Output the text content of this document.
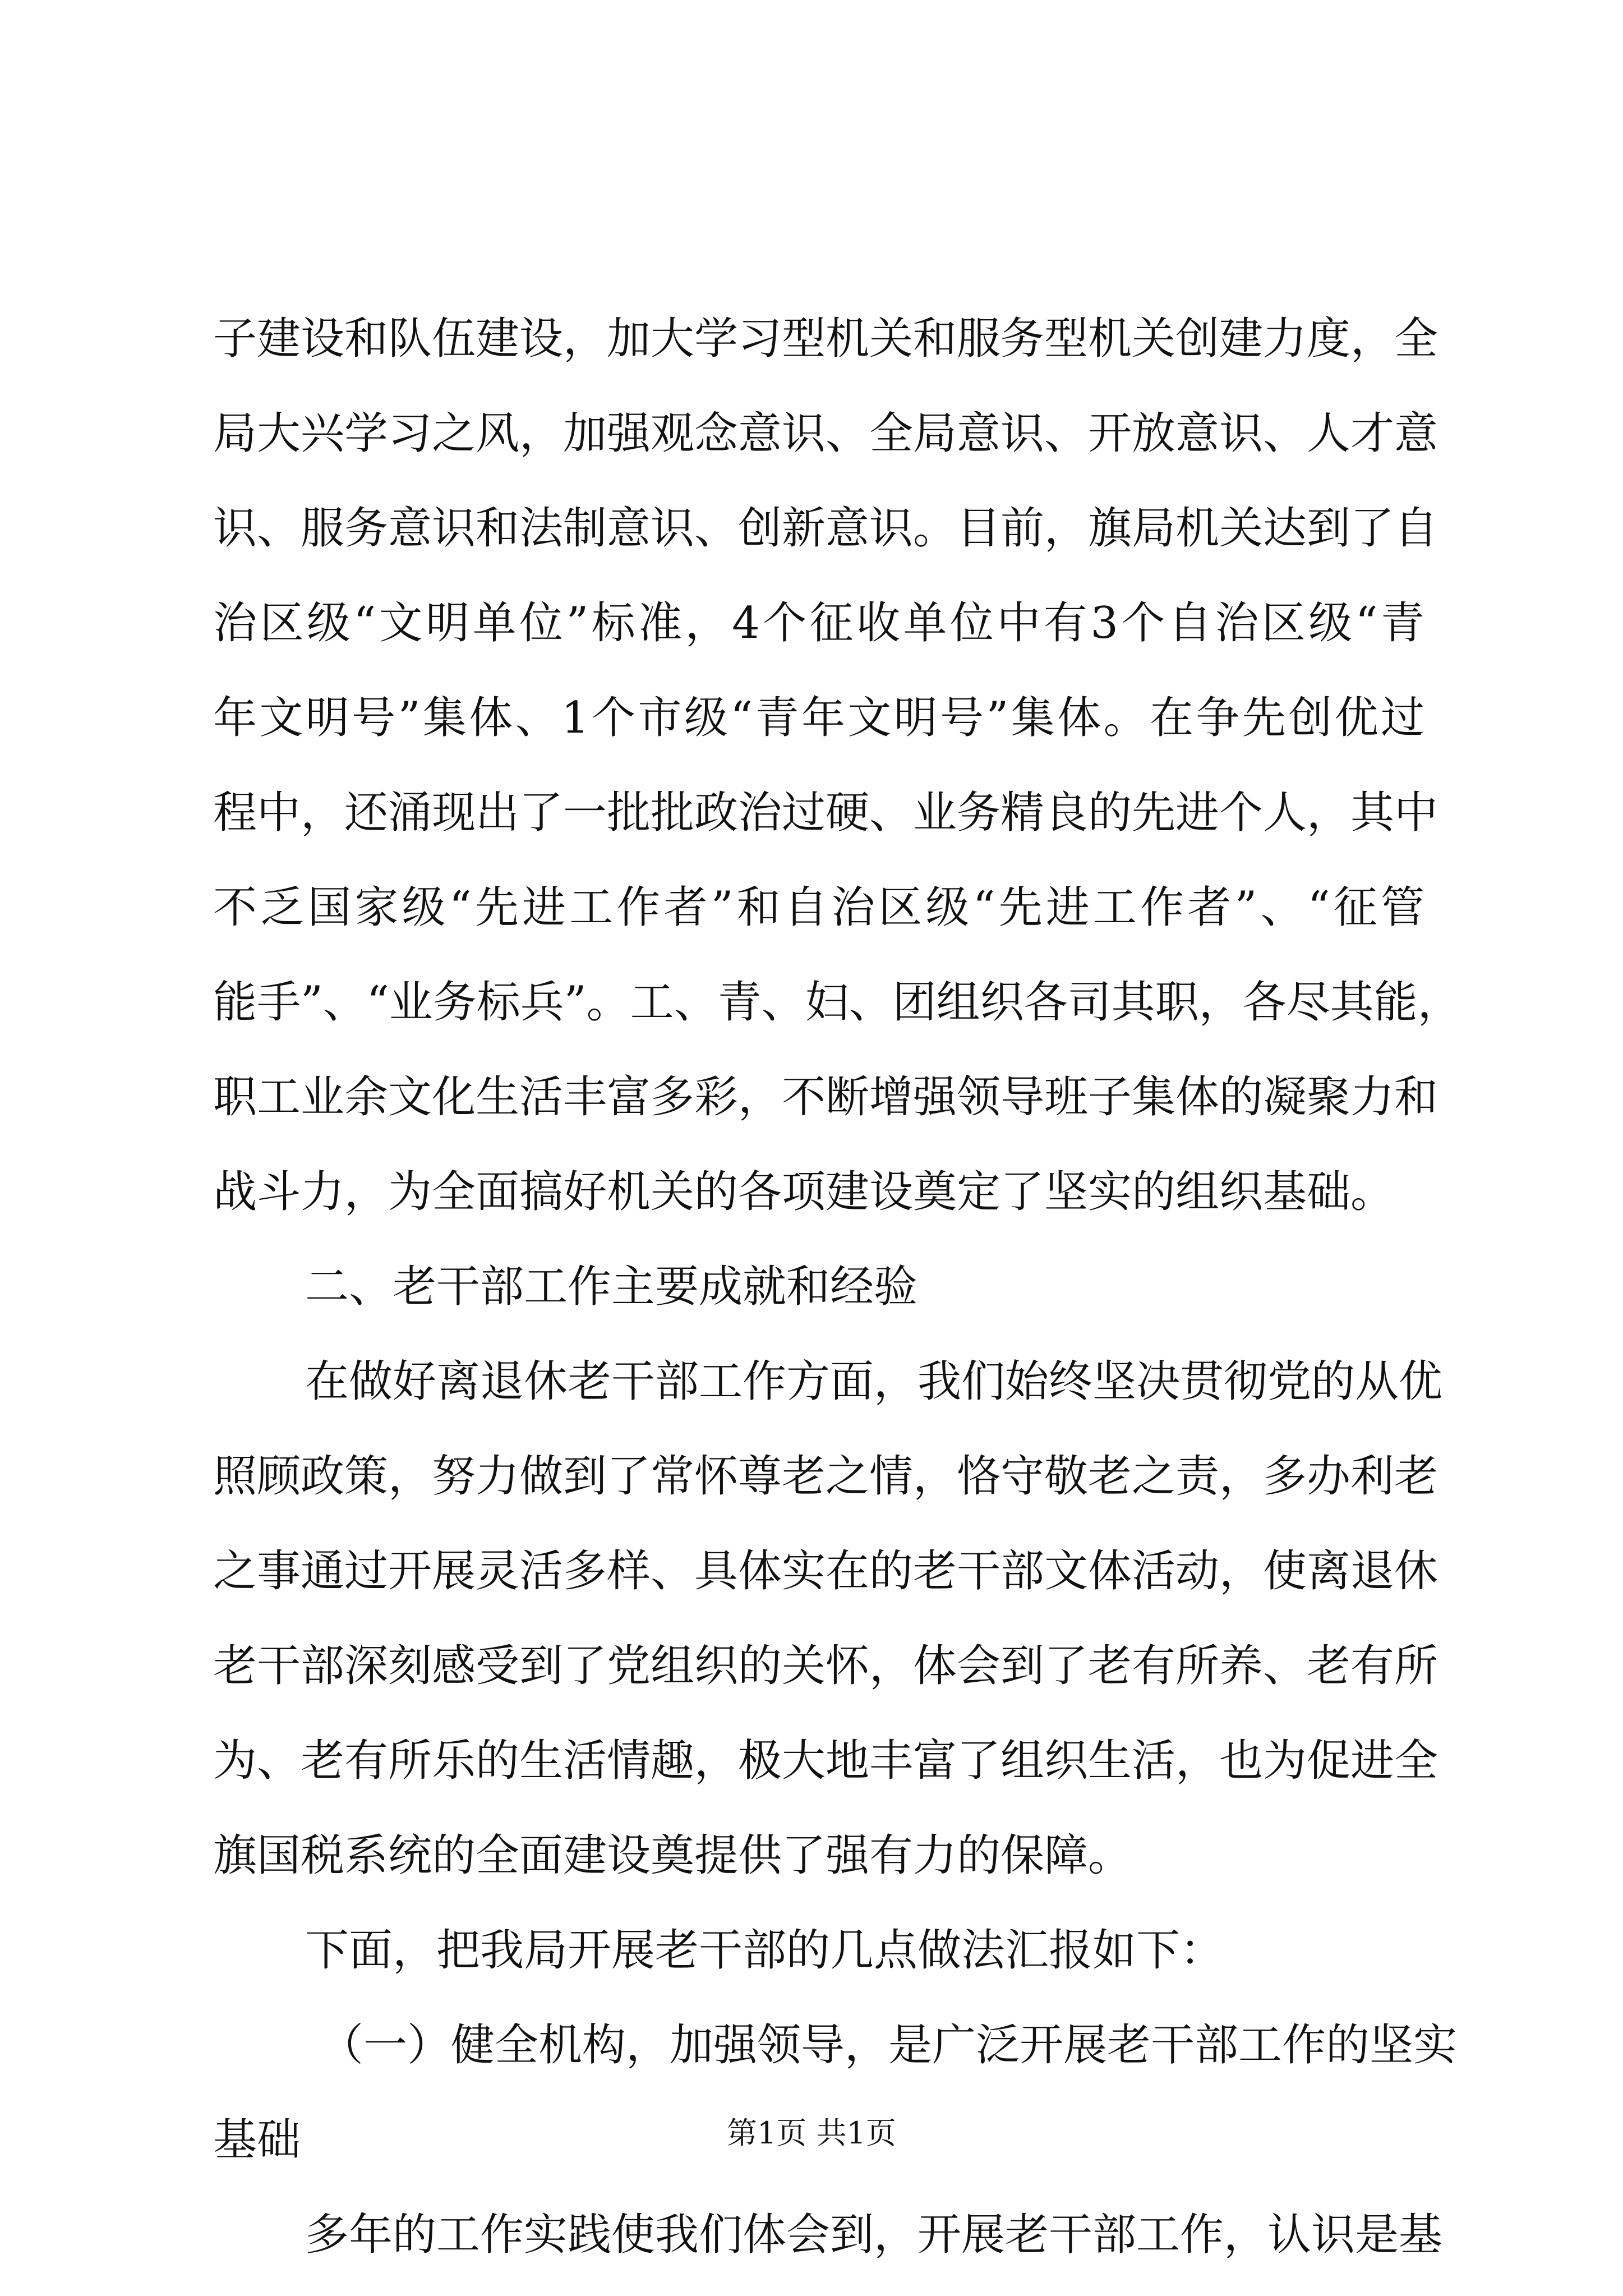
子建设和队伍建设，加大学习型机关和服务型机关创建力度，全
局大兴学习之风，加强观念意识、全局意识、开放意识、人才意
识、服务意识和法制意识、创新意识。目前，旗局机关达到了自
治区级“文明单位”标准，4个征收单位中有3个自治区级“青
年文明号”集体、1个市级“青年文明号”集体。在争先创优过
程中，还涌现出了一批批政治过硬、业务精良的先进个人，其中
不乏国家级“先进工作者”和自治区级“先进工作者”、“征管
能手”、“业务标兵”。工、青、妇、团组织各司其职，各尽其能，
职工业余文化生活丰富多彩，不断增强领导班子集体的凝聚力和
战斗力，为全面搞好机关的各项建设奠定了坚实的组织基础。
二、老干部工作主要成就和经验
在做好离退休老干部工作方面，我们始终坚决贯彻党的从优
照顾政策，努力做到了常怀尊老之情，恪守敬老之责，多办利老
之事通过开展灵活多样、具体实在的老干部文体活动，使离退休
老干部深刻感受到了党组织的关怀，体会到了老有所养、老有所
为、老有所乐的生活情趣，极大地丰富了组织生活，也为促进全
旗国税系统的全面建设奠提供了强有力的保障。
下面，把我局开展老干部的几点做法汇报如下：
（一）健全机构，加强领导，是广泛开展老干部工作的坚实
基础
多年的工作实践使我们体会到，开展老干部工作，认识是基
第1页 共1页
